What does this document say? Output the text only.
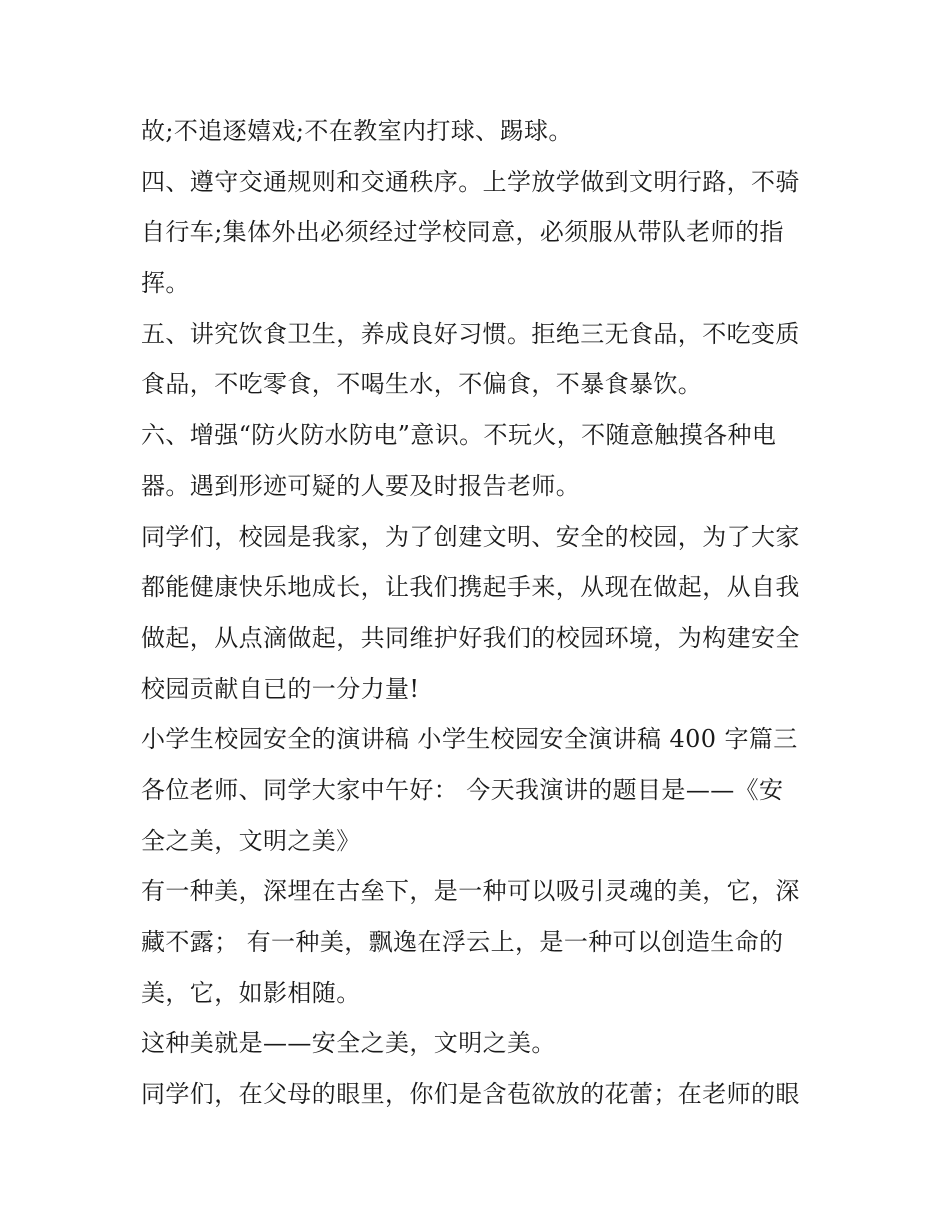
故;不追逐嬉戏;不在教室内打球、踢球。
四、遵守交通规则和交通秩序。上学放学做到文明行路，不骑
自行车;集体外出必须经过学校同意，必须服从带队老师的指
挥。
五、讲究饮食卫生，养成良好习惯。拒绝三无食品，不吃变质
食品，不吃零食，不喝生水，不偏食，不暴食暴饮。
六、增强“防火防水防电”意识。不玩火，不随意触摸各种电
器。遇到形迹可疑的人要及时报告老师。
同学们，校园是我家，为了创建文明、安全的校园，为了大家
都能健康快乐地成长，让我们携起手来，从现在做起，从自我
做起，从点滴做起，共同维护好我们的校园环境，为构建安全
校园贡献自已的一分力量!
小学生校园安全的演讲稿 小学生校园安全演讲稿 400 字篇三
各位老师、同学大家中午好： 今天我演讲的题目是——《安
全之美，文明之美》
有一种美，深埋在古垒下，是一种可以吸引灵魂的美，它，深
藏不露； 有一种美，飘逸在浮云上，是一种可以创造生命的
美，它，如影相随。
这种美就是——安全之美，文明之美。
同学们，在父母的眼里，你们是含苞欲放的花蕾；在老师的眼
